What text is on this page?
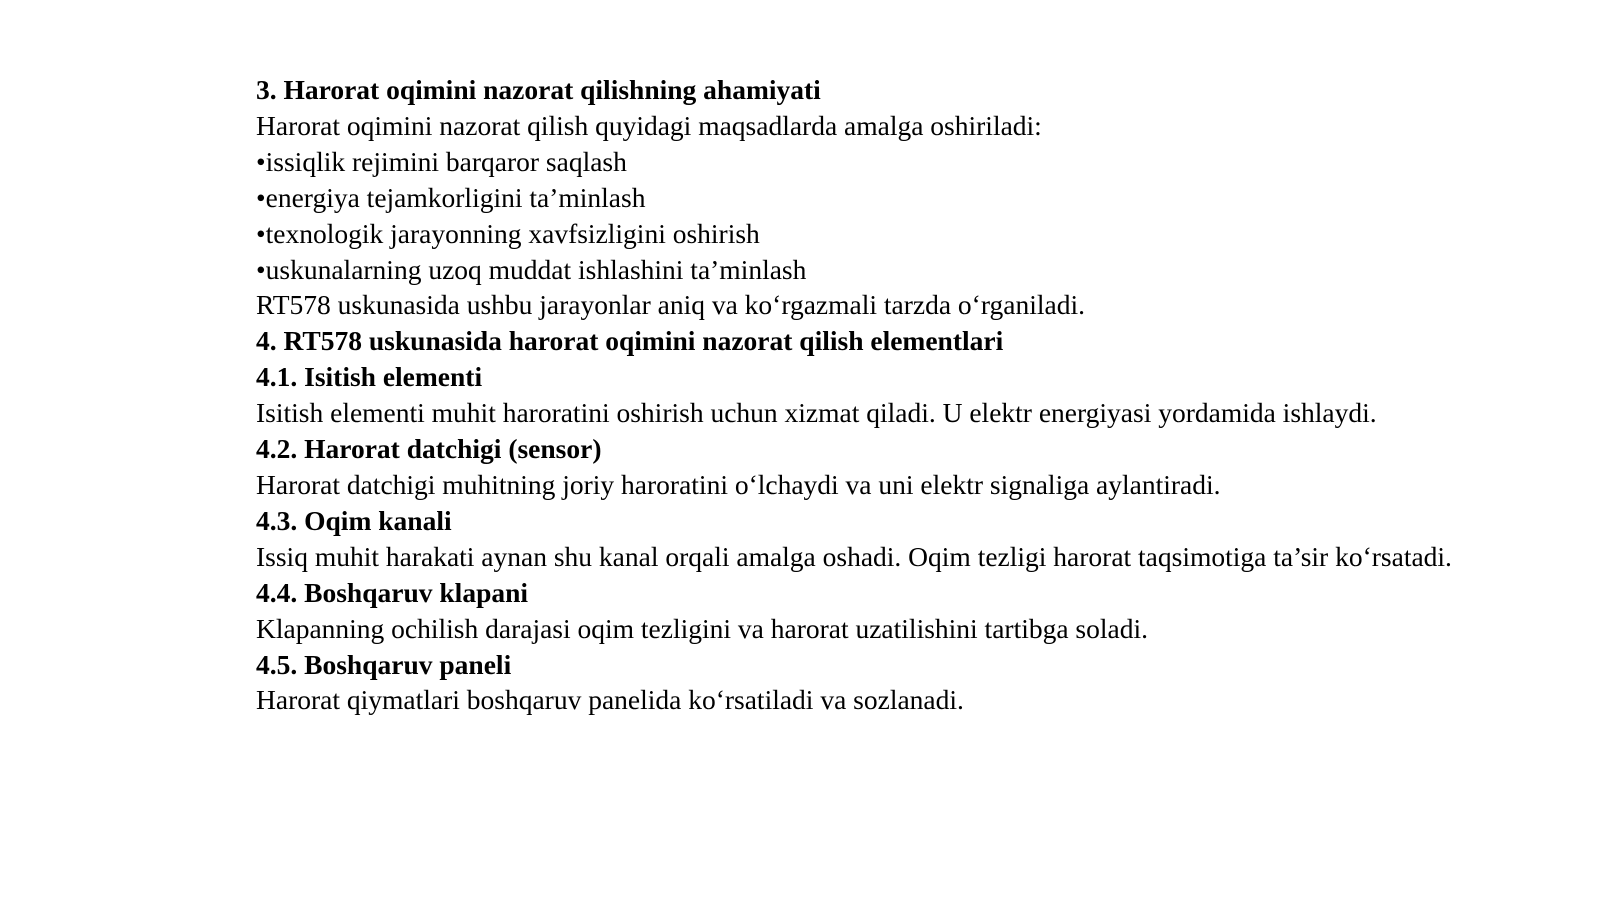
3. Harorat oqimini nazorat qilishning ahamiyati
Harorat oqimini nazorat qilish quyidagi maqsadlarda amalga oshiriladi:
•issiqlik rejimini barqaror saqlash
•energiya tejamkorligini ta’minlash
•texnologik jarayonning xavfsizligini oshirish
•uskunalarning uzoq muddat ishlashini ta’minlash
RT578 uskunasida ushbu jarayonlar aniq va ko‘rgazmali tarzda o‘rganiladi.
4. RT578 uskunasida harorat oqimini nazorat qilish elementlari
4.1. Isitish elementi
Isitish elementi muhit haroratini oshirish uchun xizmat qiladi. U elektr energiyasi yordamida ishlaydi.
4.2. Harorat datchigi (sensor)
Harorat datchigi muhitning joriy haroratini o‘lchaydi va uni elektr signaliga aylantiradi.
4.3. Oqim kanali
Issiq muhit harakati aynan shu kanal orqali amalga oshadi. Oqim tezligi harorat taqsimotiga ta’sir ko‘rsatadi.
4.4. Boshqaruv klapani
Klapanning ochilish darajasi oqim tezligini va harorat uzatilishini tartibga soladi.
4.5. Boshqaruv paneli
Harorat qiymatlari boshqaruv panelida ko‘rsatiladi va sozlanadi.
